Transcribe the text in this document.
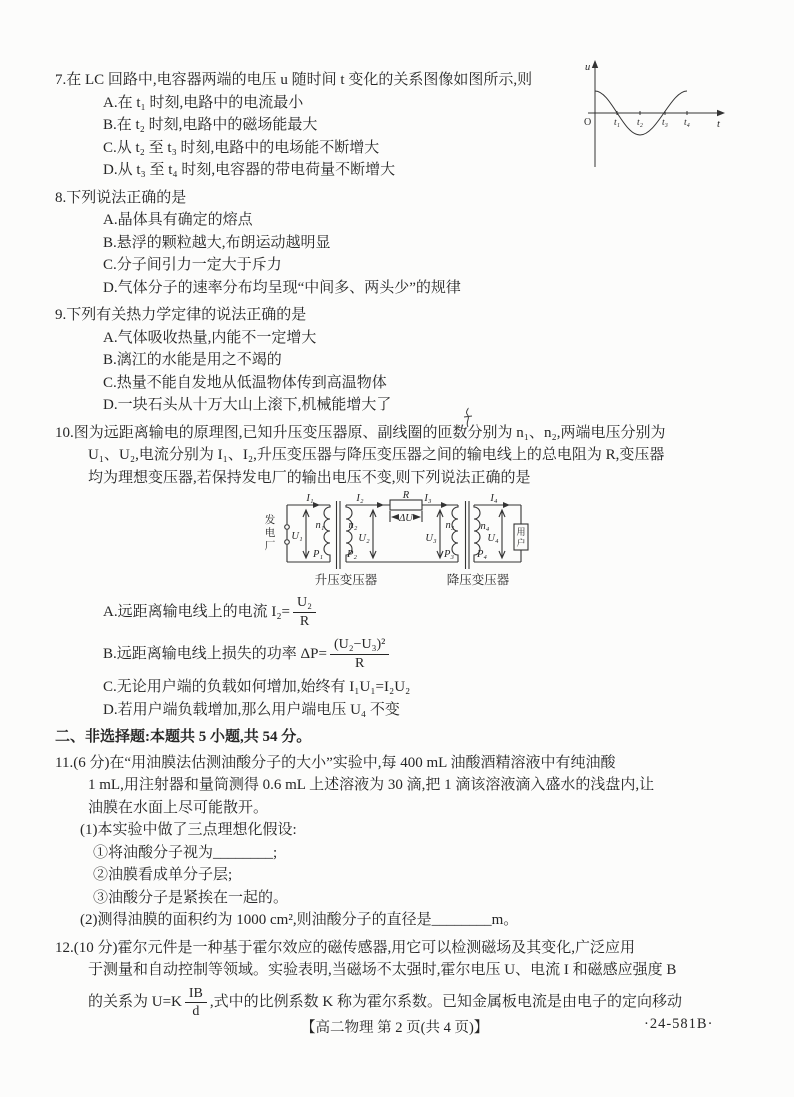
7.在 LC 回路中,电容器两端的电压 u 随时间 t 变化的关系图像如图所示,则
A.在 t₁ 时刻,电路中的电流最小
B.在 t₂ 时刻,电路中的磁场能最大
C.从 t₂ 至 t₃ 时刻,电路中的电场能不断增大
D.从 t₃ 至 t₄ 时刻,电容器的带电荷量不断增大
8.下列说法正确的是
A.晶体具有确定的熔点
B.悬浮的颗粒越大,布朗运动越明显
C.分子间引力一定大于斥力
D.气体分子的速率分布均呈现“中间多、两头少”的规律
9.下列有关热力学定律的说法正确的是
A.气体吸收热量,内能不一定增大
B.漓江的水能是用之不竭的
C.热量不能自发地从低温物体传到高温物体
D.一块石头从十万大山上滚下,机械能增大了
10.图为远距离输电的原理图,已知升压变压器原、副线圈的匝数分别为 n₁、n₂,两端电压分别为
U₁、U₂,电流分别为 I₁、I₂,升压变压器与降压变压器之间的输电线上的总电阻为 R,变压器
均为理想变压器,若保持发电厂的输出电压不变,则下列说法正确的是
发
电
厂
I₁
U₁
n₁
P₁
I₂
n₂
U₂
P₂
R
ΔU
I₃
U₃
n₃
P₃
I₄
n₄
U₄
P₄
用
户
升压变压器	降压变压器
A.远距离输电线上的电流 $I_2= \frac{\text{U₂}}{R}$
B.远距离输电线上损失的功率 $\Delta P= \frac{\text{(U₂−U₃)²}}{R}$
C.无论用户端的负载如何增加,始终有 I₁U₁=I₂U₂
D.若用户端负载增加,那么用户端电压 U₄ 不变
二、非选择题:本题共 5 小题,共 54 分。
11.(6 分)在“用油膜法估测油酸分子的大小”实验中,每 400 mL 油酸酒精溶液中有纯油酸
1 mL,用注射器和量筒测得 0.6 mL 上述溶液为 30 滴,把 1 滴该溶液滴入盛水的浅盘内,让
油膜在水面上尽可能散开。
(1)本实验中做了三点理想化假设:
①将油酸分子视为________;
②油膜看成单分子层;
③油酸分子是紧挨在一起的。
(2)测得油膜的面积约为 1000 cm²,则油酸分子的直径是________m。
12.(10 分)霍尔元件是一种基于霍尔效应的磁传感器,用它可以检测磁场及其变化,广泛应用
于测量和自动控制等领域。实验表明,当磁场不太强时,霍尔电压 U、电流 I 和磁感应强度 B
的关系为 $U=K \frac{IB}{d}$ ,式中的比例系数 K 称为霍尔系数。已知金属板电流是由电子的定向移动
u
O t₁ t₂ t₃ t₄	t
【高二物理 第 2 页(共 4 页)】	·24-581B·
